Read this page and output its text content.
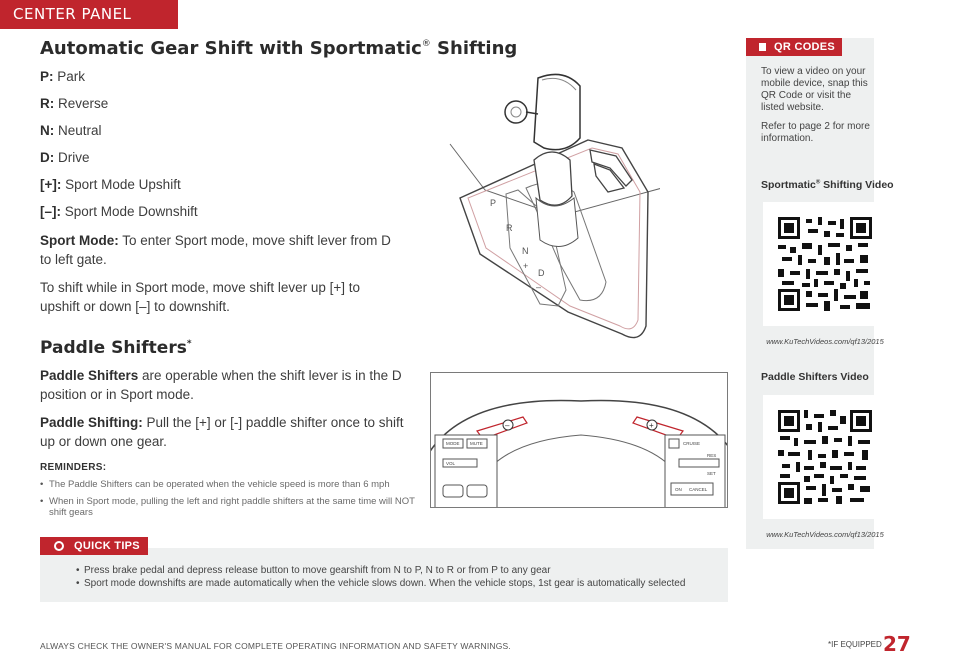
CENTER PANEL
Automatic Gear Shift with Sportmatic® Shifting

P: Park

R: Reverse

N: Neutral

D: Drive

[+]: Sport Mode Upshift

[–]: Sport Mode Downshift

Sport Mode: To enter Sport mode, move shift lever from D to left gate.

To shift while in Sport mode, move shift lever up [+] to upshift or down [–] to downshift.

Paddle Shifters*

Paddle Shifters are operable when the shift lever is in the D position or in Sport mode.

Paddle Shifting: Pull the [+] or [-] paddle shifter once to shift up or down one gear.

REMINDERS:
• The Paddle Shifters can be operated when the vehicle speed is more than 6 mph
• When in Sport mode, pulling the left and right paddle shifters at the same time will NOT shift gears
P
R
N
+
D
–
–	+
MODE MUTE
VOL
CRUISE
RES
SET
ON CANCEL
QR CODES

To view a video on your mobile device, snap this QR Code or visit the listed website.

Refer to page 2 for more information.

Sportmatic® Shifting Video
www.KuTechVideos.com/qf13/2015
Paddle Shifters Video
www.KuTechVideos.com/qf13/2015
• Press brake pedal and depress release button to move gearshift from N to P, N to R or from P to any gear
• Sport mode downshifts are made automatically when the vehicle slows down. When the vehicle stops, 1st gear is automatically selected
QUICK TIPS
ALWAYS CHECK THE OWNER'S MANUAL FOR COMPLETE OPERATING INFORMATION AND SAFETY WARNINGS.	*IF EQUIPPED 27
